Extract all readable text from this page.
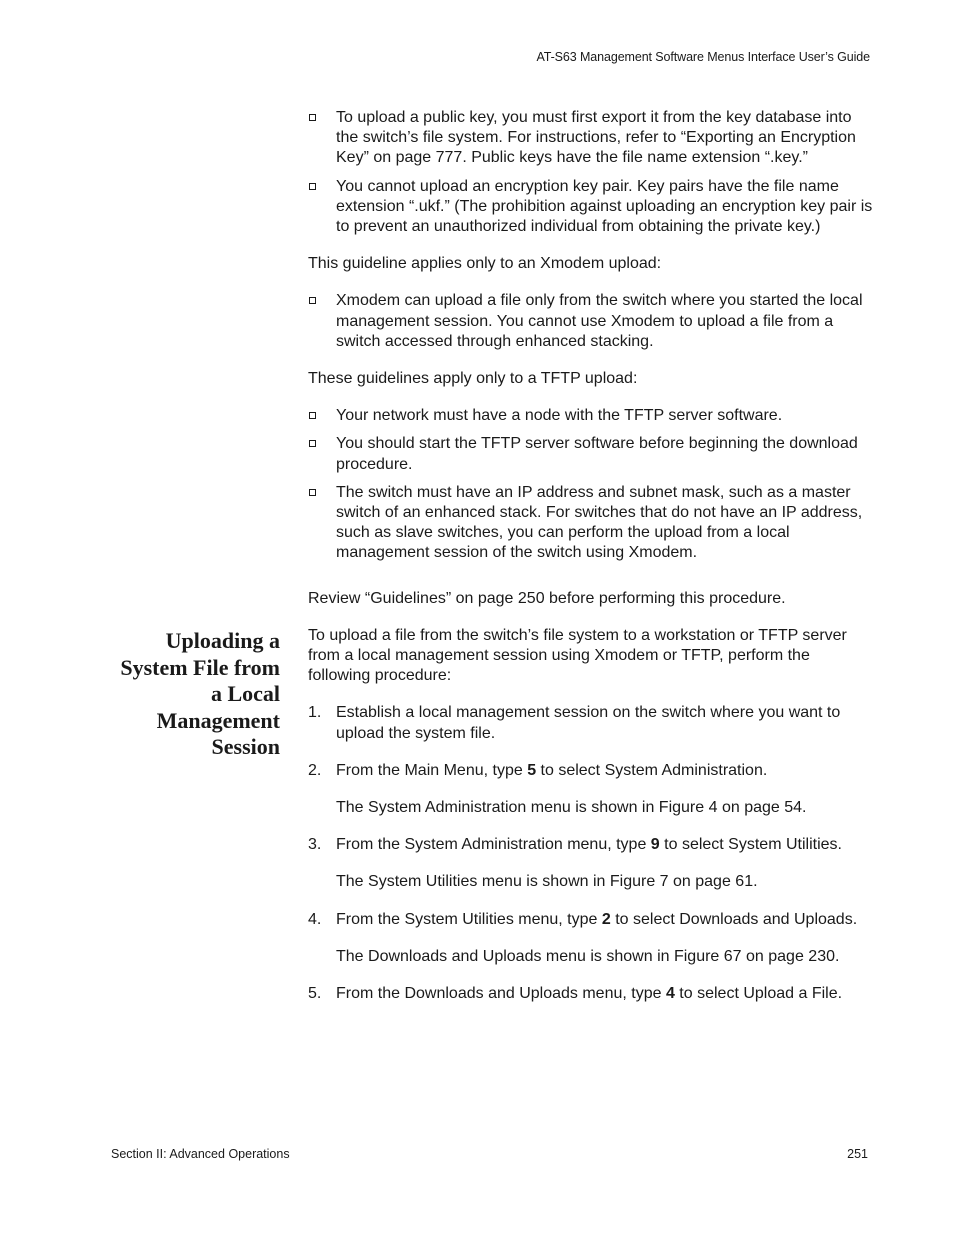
AT-S63 Management Software Menus Interface User’s Guide
Uploading a
System File from
a Local
Management
Session
To upload a public key, you must first export it from the key database into the switch’s file system. For instructions, refer to “Exporting an Encryption Key” on page 777. Public keys have the file name extension “.key.”
You cannot upload an encryption key pair. Key pairs have the file name extension “.ukf.” (The prohibition against uploading an encryption key pair is to prevent an unauthorized individual from obtaining the private key.)

This guideline applies only to an Xmodem upload:

Xmodem can upload a file only from the switch where you started the local management session. You cannot use Xmodem to upload a file from a switch accessed through enhanced stacking.

These guidelines apply only to a TFTP upload:

Your network must have a node with the TFTP server software.
You should start the TFTP server software before beginning the download procedure.
The switch must have an IP address and subnet mask, such as a master switch of an enhanced stack. For switches that do not have an IP address, such as slave switches, you can perform the upload from a local management session of the switch using Xmodem.

Review “Guidelines” on page 250 before performing this procedure.

To upload a file from the switch’s file system to a workstation or TFTP server from a local management session using Xmodem or TFTP, perform the following procedure:

1. Establish a local management session on the switch where you want to upload the system file.
2. From the Main Menu, type 5 to select System Administration.
The System Administration menu is shown in Figure 4 on page 54.
3. From the System Administration menu, type 9 to select System Utilities.
The System Utilities menu is shown in Figure 7 on page 61.
4. From the System Utilities menu, type 2 to select Downloads and Uploads.
The Downloads and Uploads menu is shown in Figure 67 on page 230.
5. From the Downloads and Uploads menu, type 4 to select Upload a File.
Section II: Advanced Operations	251
